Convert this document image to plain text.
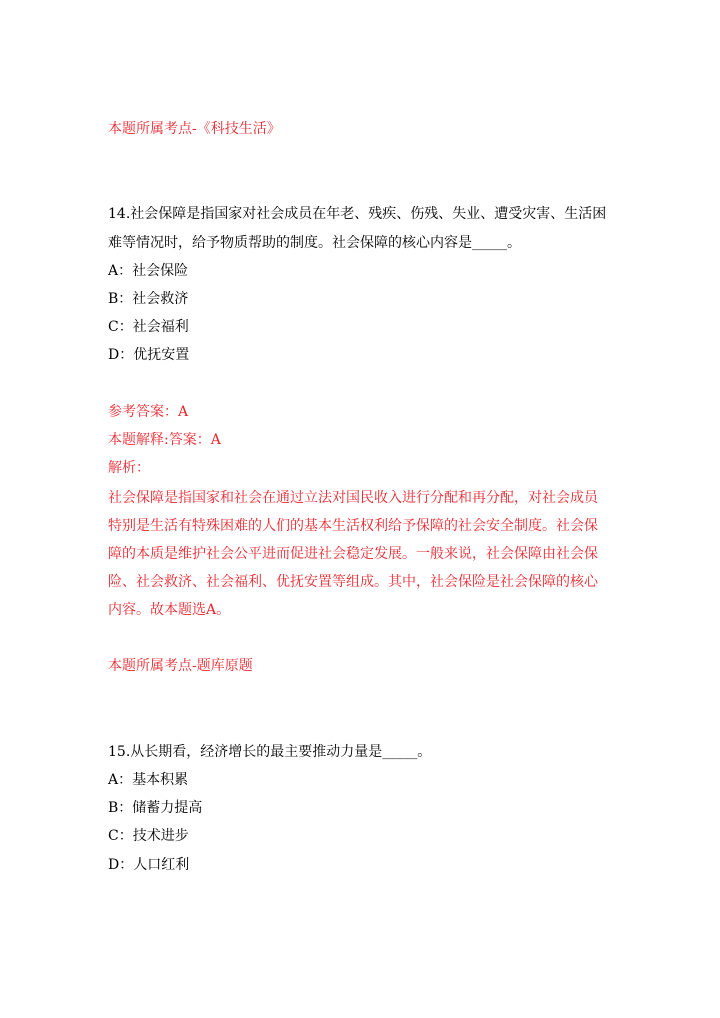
本题所属考点-《科技生活》
14.社会保障是指国家对社会成员在年老、残疾、伤残、失业、遭受灾害、生活困难等情况时，给予物质帮助的制度。社会保障的核心内容是_____。
A：社会保险
B：社会救济
C：社会福利
D：优抚安置
参考答案：A
本题解释:答案：A
解析：
社会保障是指国家和社会在通过立法对国民收入进行分配和再分配，对社会成员特别是生活有特殊困难的人们的基本生活权利给予保障的社会安全制度。社会保障的本质是维护社会公平进而促进社会稳定发展。一般来说，社会保障由社会保险、社会救济、社会福利、优抚安置等组成。其中，社会保险是社会保障的核心内容。故本题选A。
本题所属考点-题库原题
15.从长期看，经济增长的最主要推动力量是_____。
A：基本积累
B：储蓄力提高
C：技术进步
D：人口红利
